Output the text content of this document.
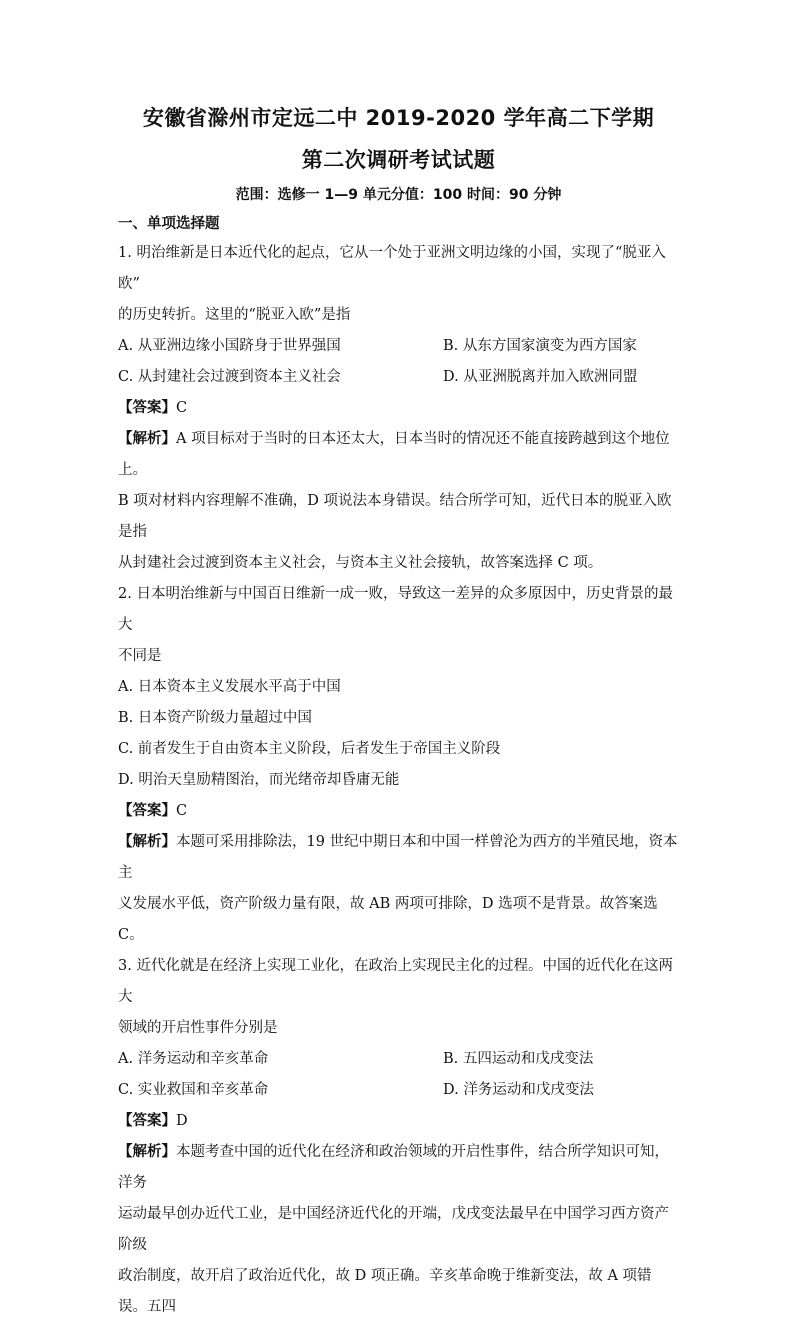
安徽省滁州市定远二中 2019-2020 学年高二下学期
第二次调研考试试题
范围：选修一 1—9 单元分值：100 时间：90 分钟
一、单项选择题

1. 明治维新是日本近代化的起点，它从一个处于亚洲文明边缘的小国，实现了“脱亚入欧”

的历史转折。这里的“脱亚入欧”是指

A. 从亚洲边缘小国跻身于世界强国	B. 从东方国家演变为西方国家
C. 从封建社会过渡到资本主义社会	D. 从亚洲脱离并加入欧洲同盟
【答案】C
【解析】A 项目标对于当时的日本还太大，日本当时的情况还不能直接跨越到这个地位上。
B 项对材料内容理解不准确，D 项说法本身错误。结合所学可知，近代日本的脱亚入欧是指
从封建社会过渡到资本主义社会，与资本主义社会接轨，故答案选择 C 项。

2. 日本明治维新与中国百日维新一成一败，导致这一差异的众多原因中，历史背景的最大

不同是

A. 日本资本主义发展水平高于中国
B. 日本资产阶级力量超过中国
C. 前者发生于自由资本主义阶段，后者发生于帝国主义阶段
D. 明治天皇励精图治，而光绪帝却昏庸无能
【答案】C
【解析】本题可采用排除法，19 世纪中期日本和中国一样曾沦为西方的半殖民地，资本主
义发展水平低，资产阶级力量有限，故 AB 两项可排除，D 选项不是背景。故答案选 C。

3. 近代化就是在经济上实现工业化，在政治上实现民主化的过程。中国的近代化在这两大

领域的开启性事件分别是

A. 洋务运动和辛亥革命	B. 五四运动和戊戌变法
C. 实业救国和辛亥革命	D. 洋务运动和戊戌变法
【答案】D
【解析】本题考查中国的近代化在经济和政治领域的开启性事件，结合所学知识可知，洋务
运动最早创办近代工业，是中国经济近代化的开端，戊戌变法最早在中国学习西方资产阶级
政治制度，故开启了政治近代化，故 D 项正确。辛亥革命晚于维新变法，故 A 项错误。五四
